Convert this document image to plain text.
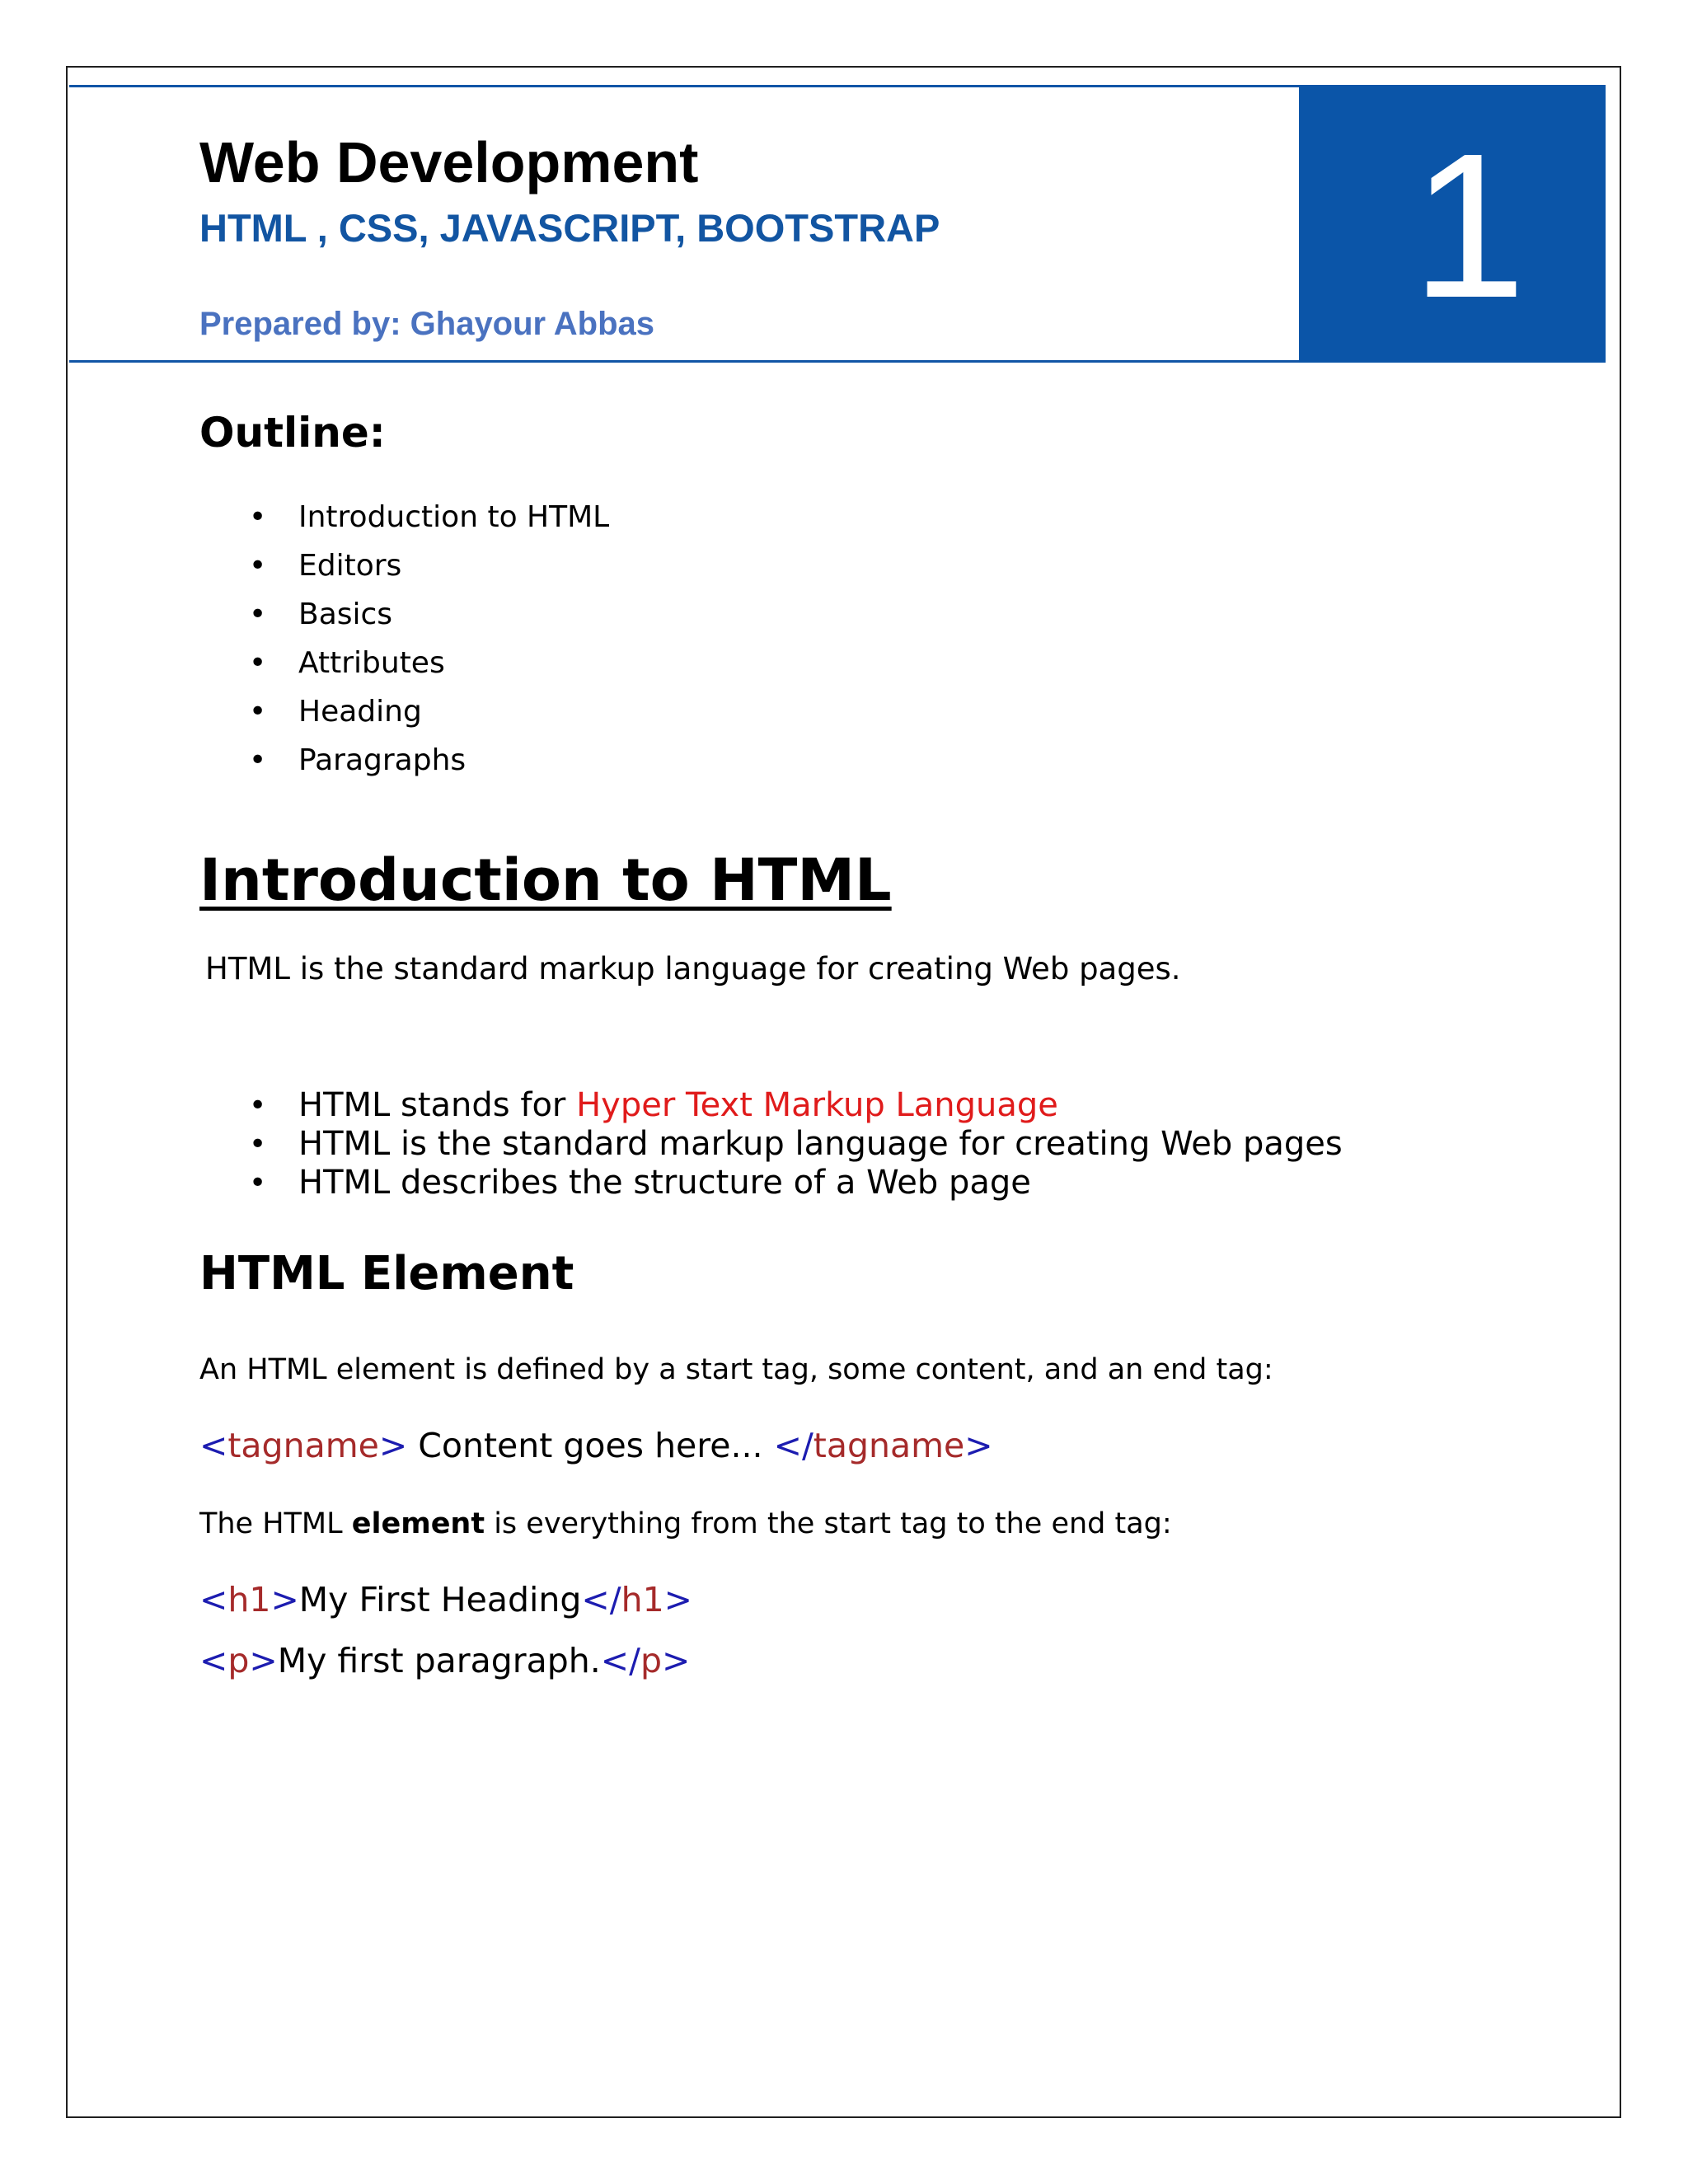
1
Web Development
HTML , CSS, JAVASCRIPT, BOOTSTRAP
Prepared by: Ghayour Abbas
Outline:
• Introduction to HTML
• Editors
• Basics
• Attributes
• Heading
• Paragraphs
Introduction to HTML

HTML is the standard markup language for creating Web pages.

• HTML stands for Hyper Text Markup Language
• HTML is the standard markup language for creating Web pages
• HTML describes the structure of a Web page
HTML Element

An HTML element is defined by a start tag, some content, and an end tag:

<tagname> Content goes here... </tagname>

The HTML element is everything from the start tag to the end tag:

<h1>My First Heading</h1>

<p>My first paragraph.</p>
